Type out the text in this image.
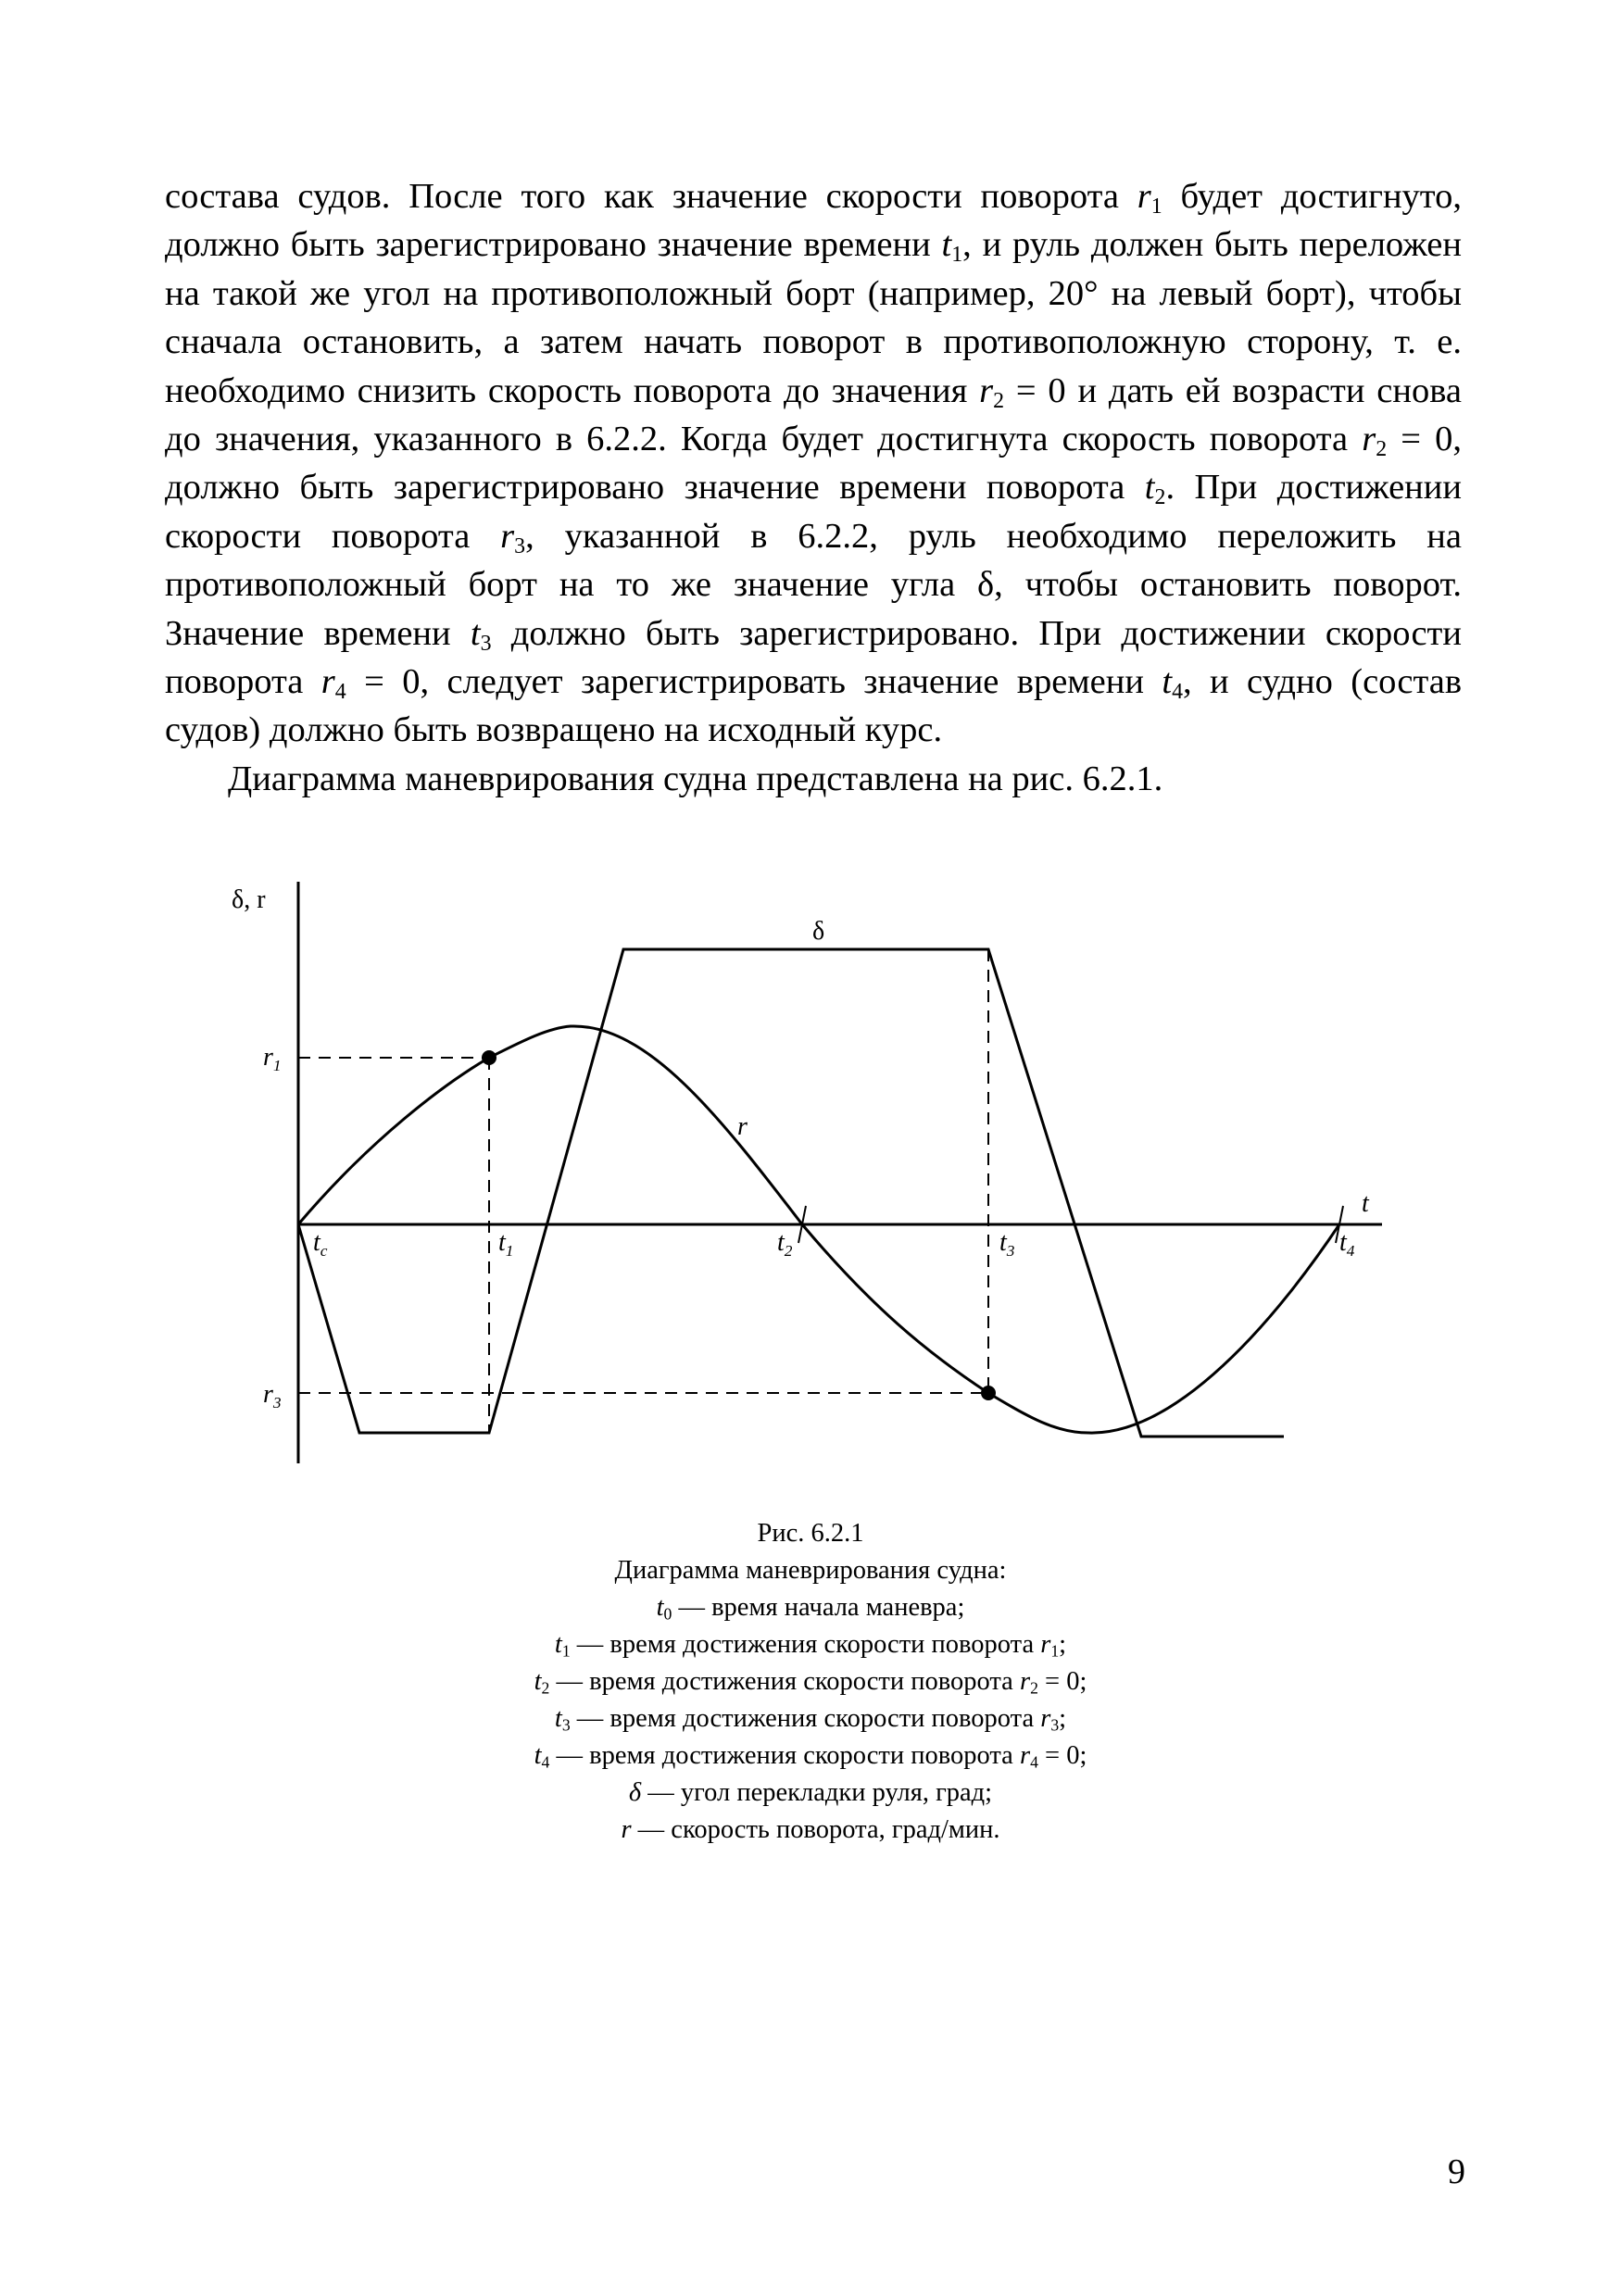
состава судов. После того как значение скорости поворота $r_1$ будет достигнуто, должно быть зарегистрировано значение времени $t_1$, и руль должен быть переложен на такой же угол на противоположный борт (например, 20° на левый борт), чтобы сначала остановить, а затем начать поворот в противоположную сторону, т. е. необходимо снизить скорость поворота до значения $r_2 = 0$ и дать ей возрасти снова до значения, указанного в 6.2.2. Когда будет достигнута скорость поворота $r_2 = 0$, должно быть зарегистрировано значение времени поворота $t_2$. При достижении скорости поворота $r_3$, указанной в 6.2.2, руль необходимо переложить на противоположный борт на то же значение угла δ, чтобы остановить поворот. Значение времени $t_3$ должно быть зарегистрировано. При достижении скорости поворота $r_4 = 0$, следует зарегистрировать значение времени $t_4$, и судно (состав судов) должно быть возвращено на исходный курс.

Диаграмма маневрирования судна представлена на рис. 6.2.1.

δ, r
t
δ
r
$r_1$
$r_3$
$t_c$	$t_1$	$t_2$	$t_3$	$t_4$
Рис. 6.2.1
Диаграмма маневрирования судна:
$t_0$ — время начала маневра;
$t_1$ — время достижения скорости поворота $r_1$;
$t_2$ — время достижения скорости поворота $r_2 = 0$;
$t_3$ — время достижения скорости поворота $r_3$;
$t_4$ — время достижения скорости поворота $r_4 = 0$;
δ — угол перекладки руля, град;
r — скорость поворота, град/мин.
9
